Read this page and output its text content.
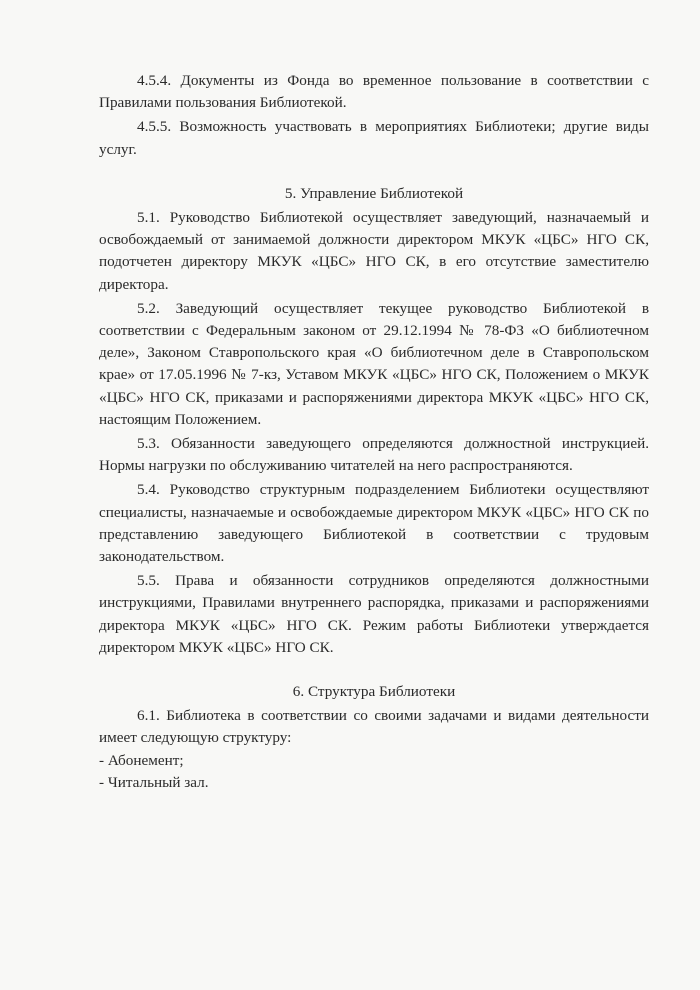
4.5.4. Документы из Фонда во временное пользование в соответствии с Правилами пользования Библиотекой.

4.5.5. Возможность участвовать в мероприятиях Библиотеки; другие виды услуг.

5. Управление Библиотекой

5.1. Руководство Библиотекой осуществляет заведующий, назначаемый и освобождаемый от занимаемой должности директором МКУК «ЦБС» НГО СК, подотчетен директору МКУК «ЦБС» НГО СК, в его отсутствие заместителю директора.

5.2. Заведующий осуществляет текущее руководство Библиотекой в соответствии с Федеральным законом от 29.12.1994 № 78-ФЗ «О библиотечном деле», Законом Ставропольского края «О библиотечном деле в Ставропольском крае» от 17.05.1996 № 7-кз, Уставом МКУК «ЦБС» НГО СК, Положением о МКУК «ЦБС» НГО СК, приказами и распоряжениями директора МКУК «ЦБС» НГО СК, настоящим Положением.

5.3. Обязанности заведующего определяются должностной инструкцией. Нормы нагрузки по обслуживанию читателей на него распространяются.

5.4. Руководство структурным подразделением Библиотеки осуществляют специалисты, назначаемые и освобождаемые директором МКУК «ЦБС» НГО СК по представлению заведующего Библиотекой в соответствии с трудовым законодательством.

5.5. Права и обязанности сотрудников определяются должностными инструкциями, Правилами внутреннего распорядка, приказами и распоряжениями директора МКУК «ЦБС» НГО СК. Режим работы Библиотеки утверждается директором МКУК «ЦБС» НГО СК.

6. Структура Библиотеки

6.1. Библиотека в соответствии со своими задачами и видами деятельности имеет следующую структуру:

- Абонемент;

- Читальный зал.
